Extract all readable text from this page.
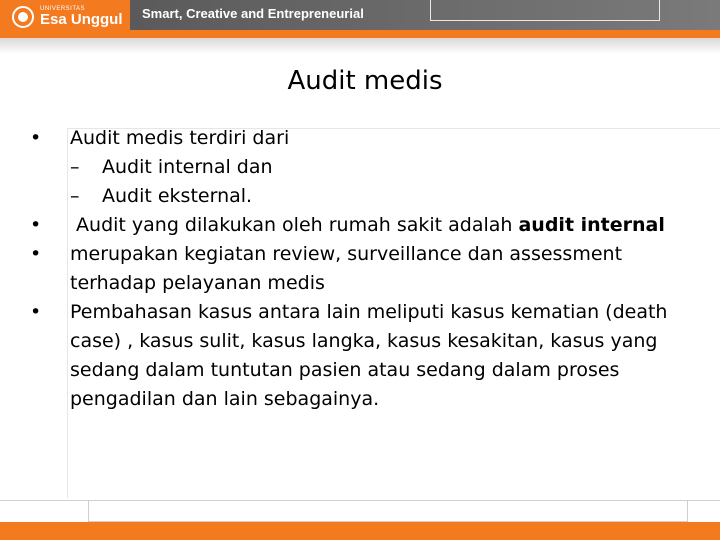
UNIVERSITAS
Esa Unggul Smart, Creative and Entrepreneurial
Audit medis
•	Audit medis terdiri dari
– Audit internal dan
– Audit eksternal.
•	Audit yang dilakukan oleh rumah sakit adalah audit internal
•	merupakan kegiatan review, surveillance dan assessment terhadap pelayanan medis
•	Pembahasan kasus antara lain meliputi kasus kematian (death case) , kasus sulit, kasus langka, kasus kesakitan, kasus yang sedang dalam tuntutan pasien atau sedang dalam proses pengadilan dan lain sebagainya.
